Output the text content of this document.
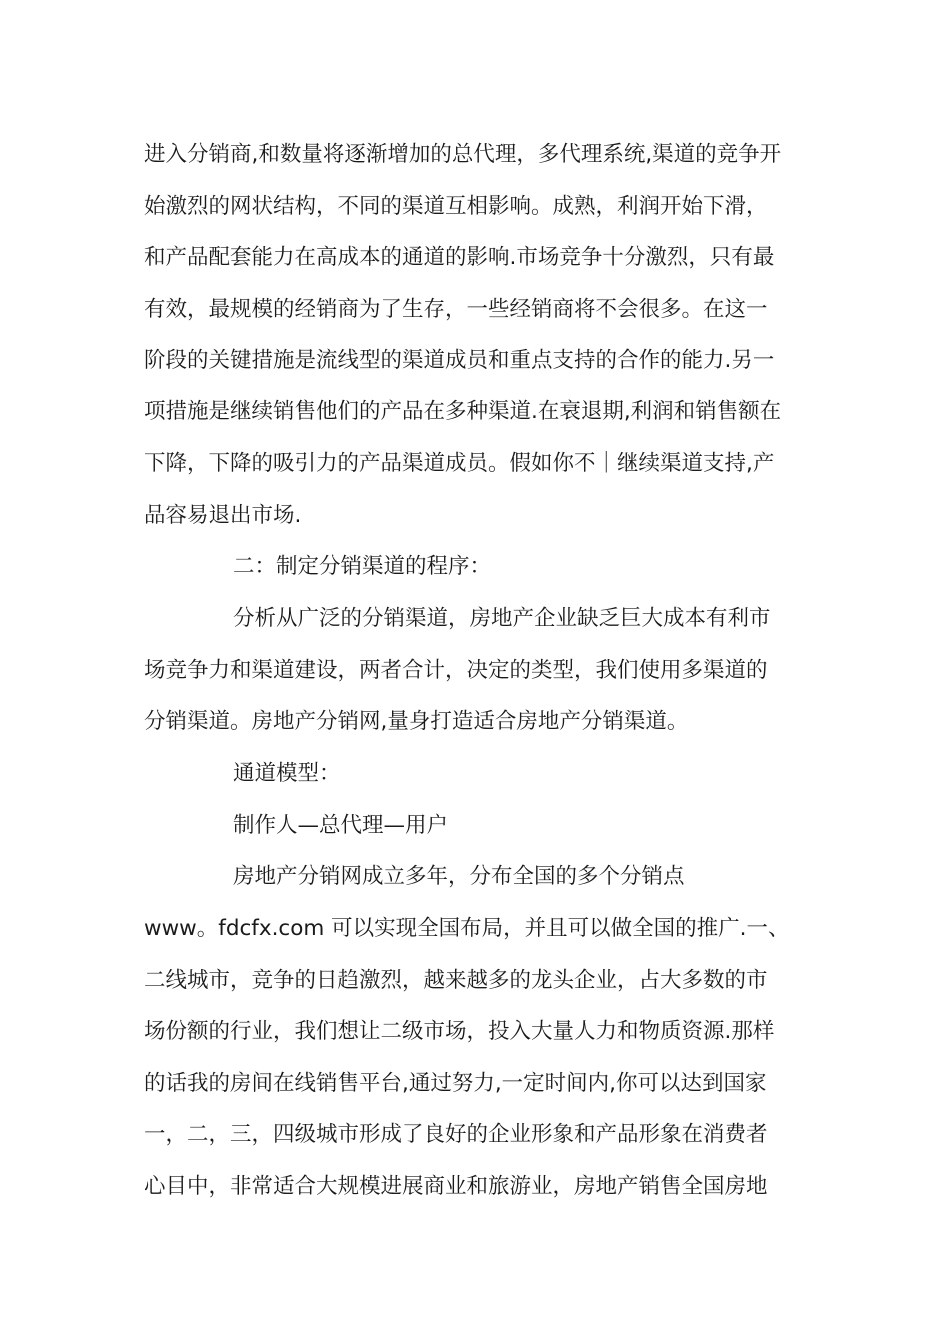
进入分销商,和数量将逐渐增加的总代理，多代理系统,渠道的竞争开
始激烈的网状结构，不同的渠道互相影响。成熟，利润开始下滑，
和产品配套能力在高成本的通道的影响.市场竞争十分激烈，只有最
有效，最规模的经销商为了生存，一些经销商将不会很多。在这一
阶段的关键措施是流线型的渠道成员和重点支持的合作的能力.另一
项措施是继续销售他们的产品在多种渠道.在衰退期,利润和销售额在
下降，下降的吸引力的产品渠道成员。假如你不｜继续渠道支持,产
品容易退出市场.
二：制定分销渠道的程序：
分析从广泛的分销渠道，房地产企业缺乏巨大成本有利市
场竞争力和渠道建设，两者合计，决定的类型，我们使用多渠道的
分销渠道。房地产分销网,量身打造适合房地产分销渠道。
通道模型：
制作人—总代理—用户
房地产分销网成立多年，分布全国的多个分销点
www。fdcfx.com 可以实现全国布局，并且可以做全国的推广.一、
二线城市，竞争的日趋激烈，越来越多的龙头企业，占大多数的市
场份额的行业，我们想让二级市场，投入大量人力和物质资源.那样
的话我的房间在线销售平台,通过努力,一定时间内,你可以达到国家
一，二，三，四级城市形成了良好的企业形象和产品形象在消费者
心目中，非常适合大规模进展商业和旅游业，房地产销售全国房地
